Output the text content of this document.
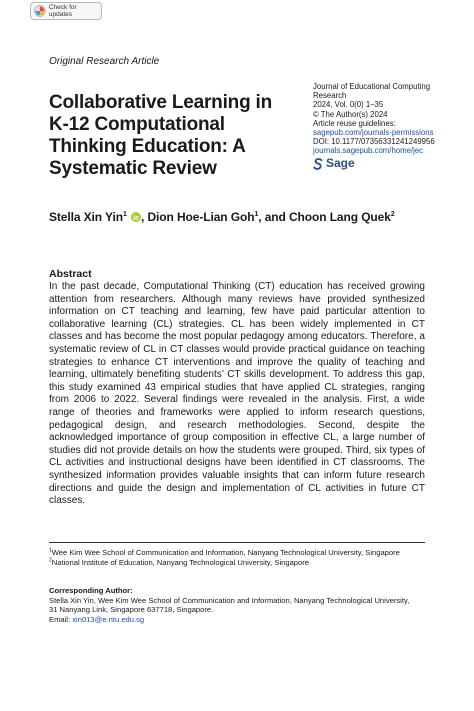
Check for updates
Original Research Article
Collaborative Learning in K-12 Computational Thinking Education: A Systematic Review
Journal of Educational Computing
Research
2024, Vol. 0(0) 1–35
© The Author(s) 2024
Article reuse guidelines:
sagepub.com/journals-permissions
DOI: 10.1177/07356331241249956
journals.sagepub.com/home/jec
Sage
Stella Xin Yin$^1$ , Dion Hoe-Lian Goh$^1$, and Choon Lang Quek$^2$
Abstract

In the past decade, Computational Thinking (CT) education has received growing attention from researchers. Although many reviews have provided synthesized information on CT teaching and learning, few have paid particular attention to collaborative learning (CL) strategies. CL has been widely implemented in CT classes and has become the most popular pedagogy among educators. Therefore, a systematic review of CL in CT classes would provide practical guidance on teaching strategies to enhance CT interventions and improve the quality of teaching and learning, ultimately benefiting students’ CT skills development. To address this gap, this study examined 43 empirical studies that have applied CL strategies, ranging from 2006 to 2022. Several findings were revealed in the analysis. First, a wide range of theories and frameworks were applied to inform research questions, pedagogical design, and research methodologies. Second, despite the acknowledged importance of group composition in effective CL, a large number of studies did not provide details on how the students were grouped. Third, six types of CL activities and instructional designs have been identified in CT classrooms. The synthesized information provides valuable insights that can inform future research directions and guide the design and implementation of CL activities in future CT classes.

$^1$Wee Kim Wee School of Communication and Information, Nanyang Technological University, Singapore
$^2$National Institute of Education, Nanyang Technological University, Singapore
Corresponding Author:
Stella Xin Yin, Wee Kim Wee School of Communication and Information, Nanyang Technological University,
31 Nanyang Link, Singapore 637718, Singapore.
Email: xin013@e.ntu.edu.sg
